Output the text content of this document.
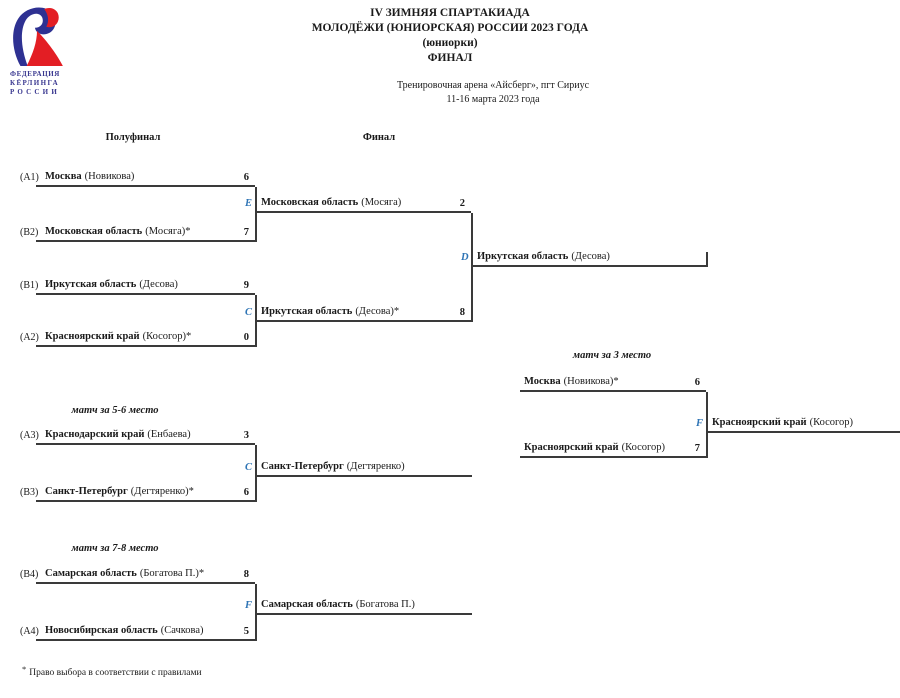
ФЕДЕРАЦИЯ
КЁРЛИНГА
РОССИИ
IV ЗИМНЯЯ СПАРТАКИАДА
МОЛОДЁЖИ (ЮНИОРСКАЯ) РОССИИ 2023 ГОДА
(юниорки)
ФИНАЛ
Тренировочная арена «Айсберг», пгт Сириус
11-16 марта 2023 года
Полуфинал	Финал
матч за 3 место
матч за 5-6 место
матч за 7-8 место
(A1) Москва (Новикова)	6
E Московская область (Мосяга)	2
(B2) Московская область (Мосяга)*	7
D Иркутская область (Десова)
(B1) Иркутская область (Десова)	9
C Иркутская область (Десова)*	8
(A2) Красноярский край (Косогор)*	0
Москва (Новикова)*	6
F Красноярский край (Косогор)
Красноярский край (Косогор)	7
(A3) Краснодарский край (Енбаева)	3
C Санкт-Петербург (Дегтяренко)
(B3) Санкт-Петербург (Дегтяренко)*	6
(B4) Самарская область (Богатова П.)*	8
F Самарская область (Богатова П.)
(A4) Новосибирская область (Сачкова)	5
* Право выбора в соответствии с правилами
